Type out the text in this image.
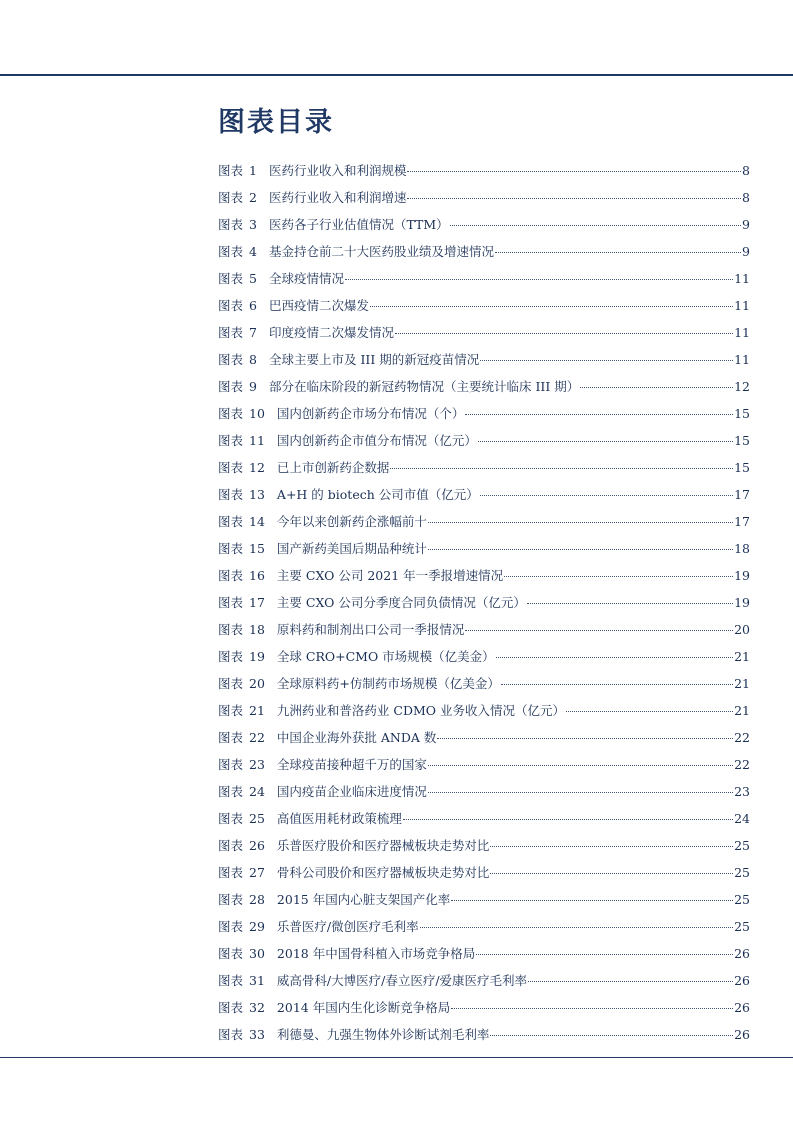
图表目录
图表 1 医药行业收入和利润规模	8
图表 2 医药行业收入和利润增速	8
图表 3 医药各子行业估值情况（TTM）	9
图表 4 基金持仓前二十大医药股业绩及增速情况	9
图表 5 全球疫情情况	11
图表 6 巴西疫情二次爆发	11
图表 7 印度疫情二次爆发情况	11
图表 8 全球主要上市及 III 期的新冠疫苗情况	11
图表 9 部分在临床阶段的新冠药物情况（主要统计临床 III 期）	12
图表 10 国内创新药企市场分布情况（个）	15
图表 11 国内创新药企市值分布情况（亿元）	15
图表 12 已上市创新药企数据	15
图表 13 A+H 的 biotech 公司市值（亿元）	17
图表 14 今年以来创新药企涨幅前十	17
图表 15 国产新药美国后期品种统计	18
图表 16 主要 CXO 公司 2021 年一季报增速情况	19
图表 17 主要 CXO 公司分季度合同负债情况（亿元）	19
图表 18 原料药和制剂出口公司一季报情况	20
图表 19 全球 CRO+CMO 市场规模（亿美金）	21
图表 20 全球原料药+仿制药市场规模（亿美金）	21
图表 21 九洲药业和普洛药业 CDMO 业务收入情况（亿元）	21
图表 22 中国企业海外获批 ANDA 数	22
图表 23 全球疫苗接种超千万的国家	22
图表 24 国内疫苗企业临床进度情况	23
图表 25 高值医用耗材政策梳理	24
图表 26 乐普医疗股价和医疗器械板块走势对比	25
图表 27 骨科公司股价和医疗器械板块走势对比	25
图表 28 2015 年国内心脏支架国产化率	25
图表 29 乐普医疗/微创医疗毛利率	25
图表 30 2018 年中国骨科植入市场竞争格局	26
图表 31 威高骨科/大博医疗/春立医疗/爱康医疗毛利率	26
图表 32 2014 年国内生化诊断竞争格局	26
图表 33 利德曼、九强生物体外诊断试剂毛利率	26
